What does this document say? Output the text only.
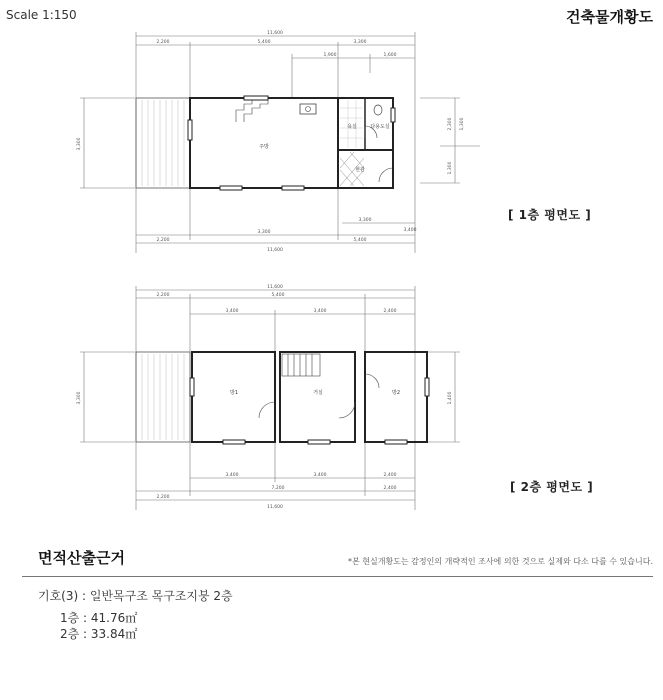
Scale 1:150	건축물개황도
11,600
2,200	5,400	3,300
1,900	1,600
11,600
2,200
3,300
5,400
3,300
3,400
3,300
2,300 1,300
1,300
주방
욕실	다용도실
현관
[ 1층 평면도 ]
11,600
2,200	5,400
3,400	3,400	2,400
11,600
2,200
7,200	2,400
3,400	3,400	2,400
3,300	1,400
방1	거실	방2
[ 2층 평면도 ]
면적산출근거	*본 현실개황도는 감정인의 개략적인 조사에 의한 것으로 실제와 다소 다를 수 있습니다.
기호(3) : 일반목구조 목구조지붕 2층
1층 : 41.76㎡
2층 : 33.84㎡
